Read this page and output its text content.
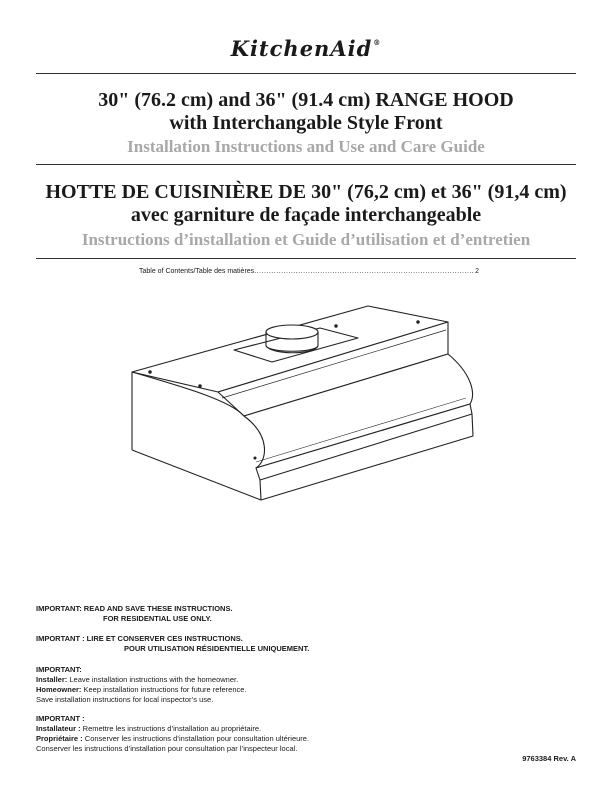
KitchenAid®
30" (76.2 cm) and 36" (91.4 cm) RANGE HOOD
with Interchangable Style Front
Installation Instructions and Use and Care Guide
HOTTE DE CUISINIÈRE DE 30" (76,2 cm) et 36" (91,4 cm)
avec garniture de façade interchangeable
Instructions d’installation et Guide d’utilisation et d’entretien
Table of Contents/Table des matières
.....	2
IMPORTANT: READ AND SAVE THESE INSTRUCTIONS.
FOR RESIDENTIAL USE ONLY.
IMPORTANT : LIRE ET CONSERVER CES INSTRUCTIONS.
POUR UTILISATION RÉSIDENTIELLE UNIQUEMENT.
IMPORTANT:
Installer: Leave installation instructions with the homeowner.
Homeowner: Keep installation instructions for future reference.
Save installation instructions for local inspector’s use.
IMPORTANT :
Installateur : Remettre les instructions d’installation au propriétaire.
Propriétaire : Conserver les instructions d’installation pour consultation ultérieure.
Conserver les instructions d’installation pour consultation par l’inspecteur local.
9763384 Rev. A
